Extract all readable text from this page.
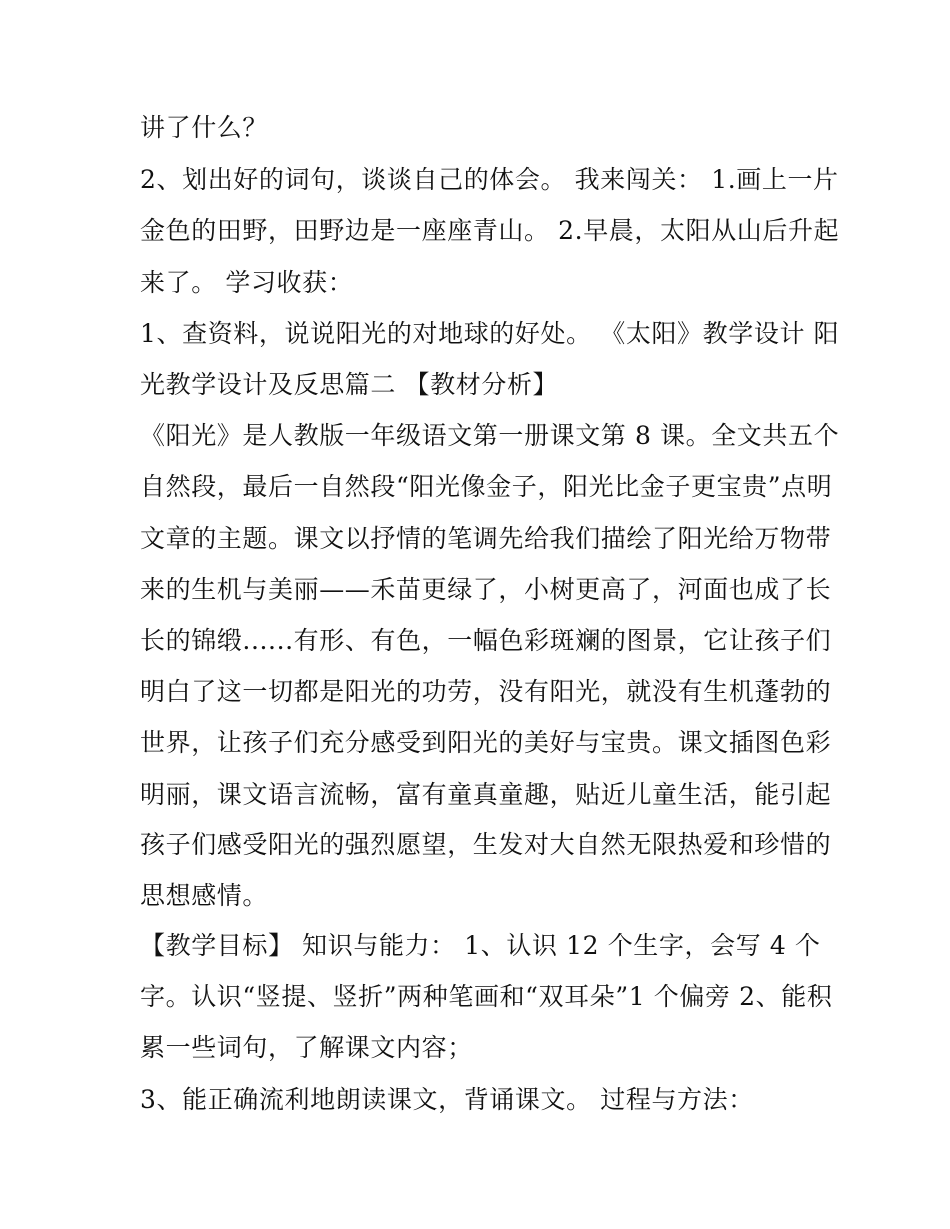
讲了什么？
2、划出好的词句，谈谈自己的体会。 我来闯关： 1.画上一片
金色的田野，田野边是一座座青山。 2.早晨，太阳从山后升起
来了。 学习收获：
1、查资料，说说阳光的对地球的好处。 《太阳》教学设计 阳
光教学设计及反思篇二 【教材分析】
《阳光》是人教版一年级语文第一册课文第 8 课。全文共五个
自然段，最后一自然段“阳光像金子，阳光比金子更宝贵”点明
文章的主题。课文以抒情的笔调先给我们描绘了阳光给万物带
来的生机与美丽——禾苗更绿了，小树更高了，河面也成了长
长的锦缎......有形、有色，一幅色彩斑斓的图景，它让孩子们
明白了这一切都是阳光的功劳，没有阳光，就没有生机蓬勃的
世界，让孩子们充分感受到阳光的美好与宝贵。课文插图色彩
明丽，课文语言流畅，富有童真童趣，贴近儿童生活，能引起
孩子们感受阳光的强烈愿望，生发对大自然无限热爱和珍惜的
思想感情。
【教学目标】 知识与能力： 1、认识 12 个生字，会写 4 个
字。认识“竖提、竖折”两种笔画和“双耳朵”1 个偏旁 2、能积
累一些词句，了解课文内容；
3、能正确流利地朗读课文，背诵课文。 过程与方法：
